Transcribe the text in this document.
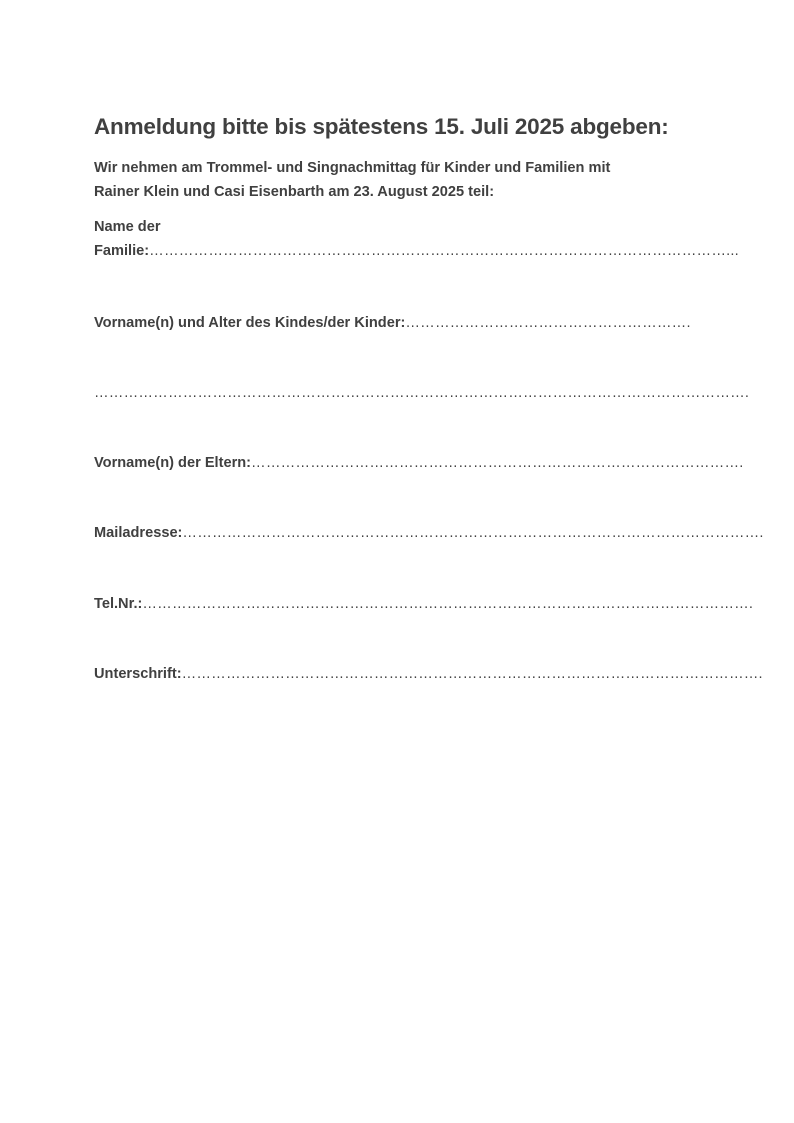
Anmeldung bitte bis spätestens 15. Juli 2025 abgeben:
Wir nehmen am Trommel- und Singnachmittag für Kinder und Familien mit
Rainer Klein und Casi Eisenbarth am 23. August 2025 teil:
Name der
Familie:………………………………………………………………………………………………………...
Vorname(n) und Alter des Kindes/der Kinder:………………………………………………….
…………………………………………………………………………………………………………………….
Vorname(n) der Eltern:……………………………………………………………………………………….
Mailadresse:……………………………………………………………………………………………………….
Tel.Nr.:…………………………………………………………………………………………………………….
Unterschrift:……………………………………………………………………………………………………….
